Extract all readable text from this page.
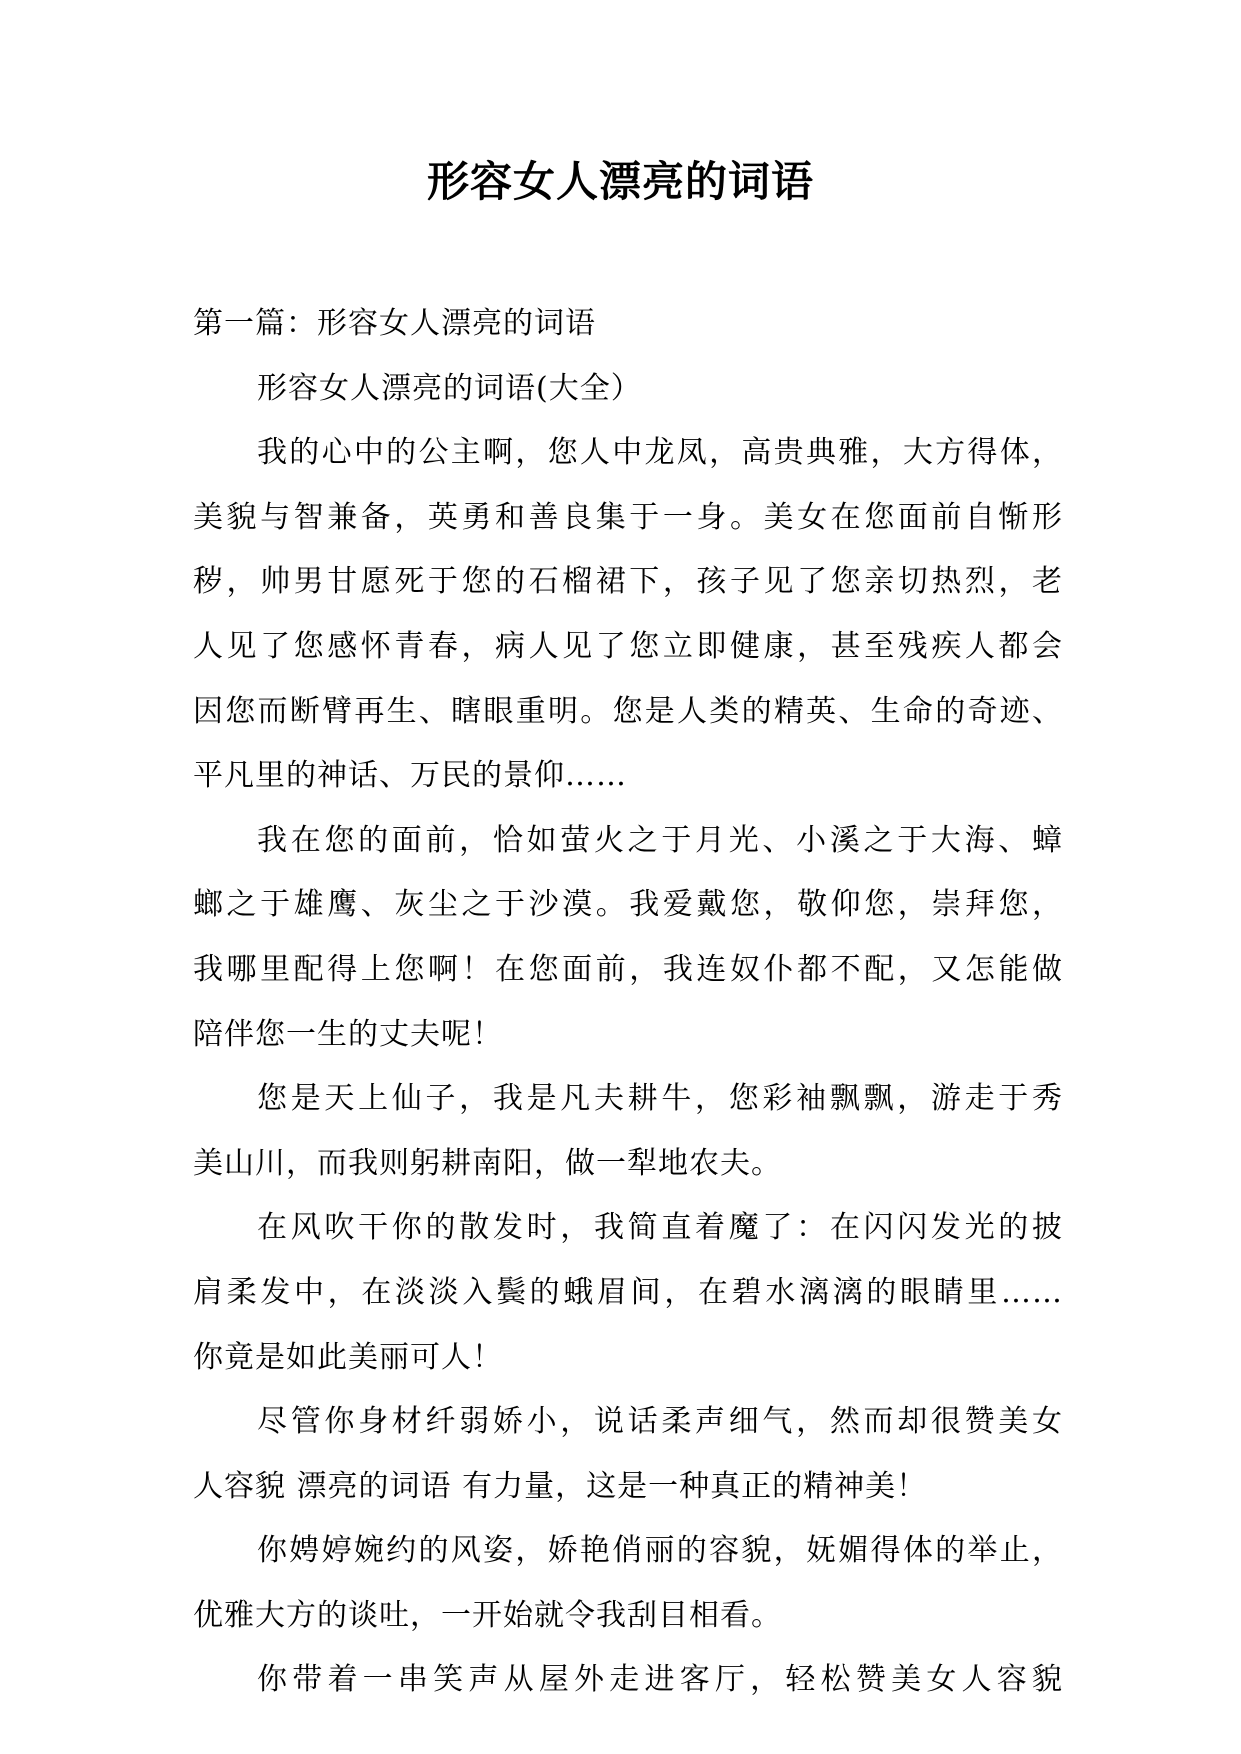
形容女人漂亮的词语
第一篇：形容女人漂亮的词语
形容女人漂亮的词语(大全）
我的心中的公主啊，您人中龙凤，高贵典雅，大方得体，
美貌与智兼备，英勇和善良集于一身。美女在您面前自惭形
秽，帅男甘愿死于您的石榴裙下，孩子见了您亲切热烈，老
人见了您感怀青春，病人见了您立即健康，甚至残疾人都会
因您而断臂再生、瞎眼重明。您是人类的精英、生命的奇迹、
平凡里的神话、万民的景仰……
我在您的面前，恰如萤火之于月光、小溪之于大海、蟑
螂之于雄鹰、灰尘之于沙漠。我爱戴您，敬仰您，崇拜您，
我哪里配得上您啊！在您面前，我连奴仆都不配，又怎能做
陪伴您一生的丈夫呢！
您是天上仙子，我是凡夫耕牛，您彩袖飘飘，游走于秀
美山川，而我则躬耕南阳，做一犁地农夫。
在风吹干你的散发时，我简直着魔了：在闪闪发光的披
肩柔发中，在淡淡入鬓的蛾眉间，在碧水漓漓的眼睛里……
你竟是如此美丽可人！
尽管你身材纤弱娇小，说话柔声细气，然而却很赞美女
人容貌 漂亮的词语 有力量，这是一种真正的精神美！
你娉婷婉约的风姿，娇艳俏丽的容貌，妩媚得体的举止，
优雅大方的谈吐，一开始就令我刮目相看。
你带着一串笑声从屋外走进客厅，轻松赞美女人容貌
